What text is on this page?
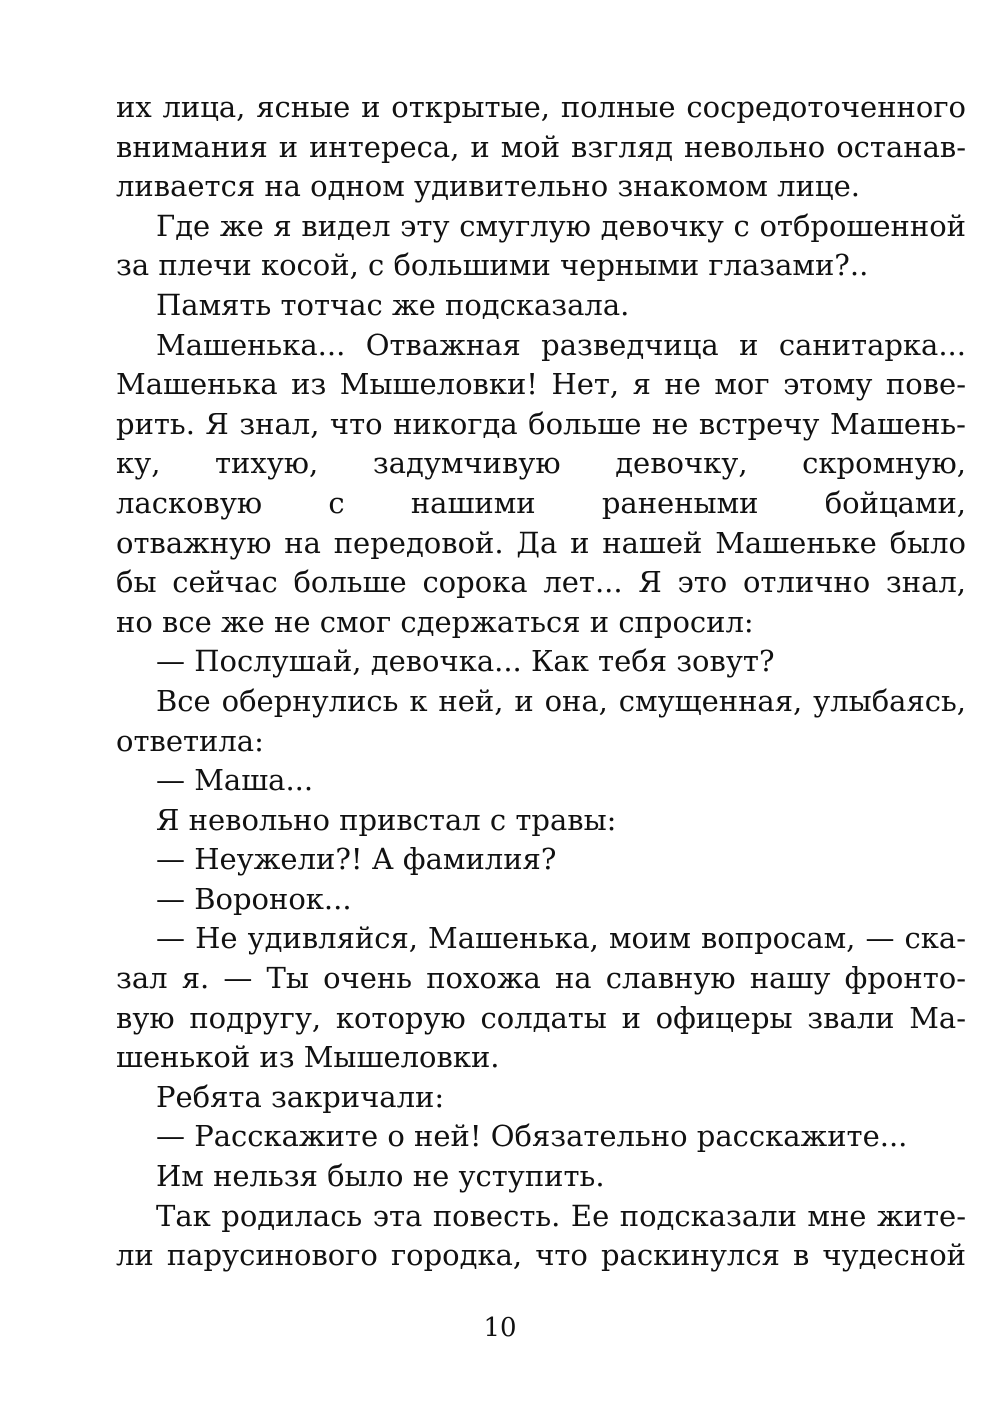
их лица, ясные и открытые, полные сосредоточенного
внимания и интереса, и мой взгляд невольно останав-
ливается на одном удивительно знакомом лице.
Где же я видел эту смуглую девочку с отброшенной
за плечи косой, с большими черными глазами?..
Память тотчас же подсказала.
Машенька... Отважная разведчица и санитарка...
Машенька из Мышеловки! Нет, я не мог этому пове-
рить. Я знал, что никогда больше не встречу Машень-
ку, тихую, задумчивую девочку, скромную,
ласковую с нашими ранеными бойцами,
отважную на передовой. Да и нашей Машеньке было
бы сейчас больше сорока лет... Я это отлично знал,
но все же не смог сдержаться и спросил:
— Послушай, девочка... Как тебя зовут?
Все обернулись к ней, и она, смущенная, улыбаясь,
ответила:
— Маша...
Я невольно привстал с травы:
— Неужели?! А фамилия?
— Воронок...
— Не удивляйся, Машенька, моим вопросам, — ска-
зал я. — Ты очень похожа на славную нашу фронто-
вую подругу, которую солдаты и офицеры звали Ма-
шенькой из Мышеловки.
Ребята закричали:
— Расскажите о ней! Обязательно расскажите...
Им нельзя было не уступить.
Так родилась эта повесть. Ее подсказали мне жите-
ли парусинового городка, что раскинулся в чудесной
10
